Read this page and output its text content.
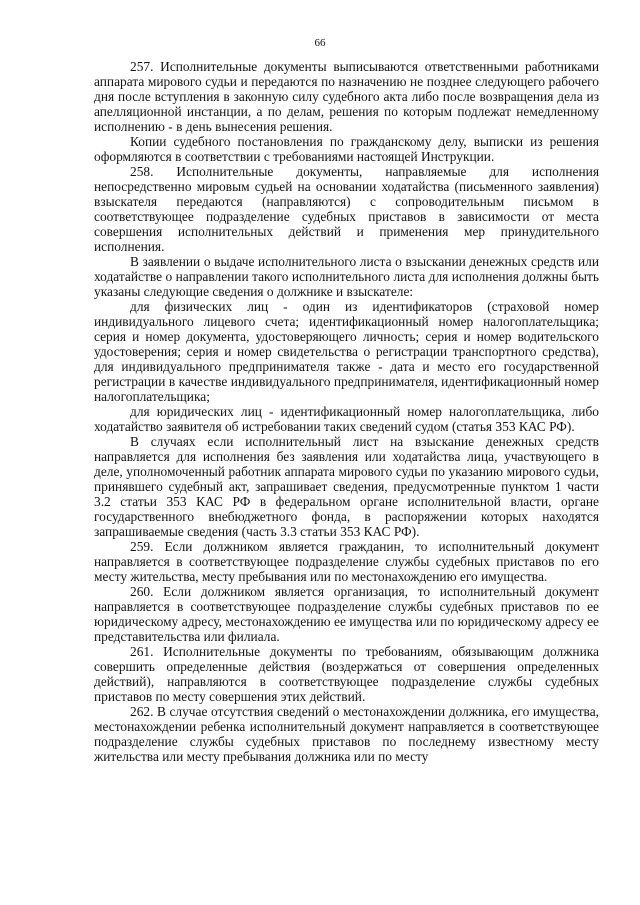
66

257. Исполнительные документы выписываются ответственными работниками аппарата мирового судьи и передаются по назначению не позднее следующего рабочего дня после вступления в законную силу судебного акта либо после возвращения дела из апелляционной инстанции, а по делам, решения по которым подлежат немедленному исполнению - в день вынесения решения.

Копии судебного постановления по гражданскому делу, выписки из решения оформляются в соответствии с требованиями настоящей Инструкции.

258. Исполнительные документы, направляемые для исполнения непосредственно мировым судьей на основании ходатайства (письменного заявления) взыскателя передаются (направляются) с сопроводительным письмом в соответствующее подразделение судебных приставов в зависимости от места совершения исполнительных действий и применения мер принудительного исполнения.

В заявлении о выдаче исполнительного листа о взыскании денежных средств или ходатайстве о направлении такого исполнительного листа для исполнения должны быть указаны следующие сведения о должнике и взыскателе:

для физических лиц - один из идентификаторов (страховой номер индивидуального лицевого счета; идентификационный номер налогоплательщика; серия и номер документа, удостоверяющего личность; серия и номер водительского удостоверения; серия и номер свидетельства о регистрации транспортного средства), для индивидуального предпринимателя также - дата и место его государственной регистрации в качестве индивидуального предпринимателя, идентификационный номер налогоплательщика;

для юридических лиц - идентификационный номер налогоплательщика, либо ходатайство заявителя об истребовании таких сведений судом (статья 353 КАС РФ).

В случаях если исполнительный лист на взыскание денежных средств направляется для исполнения без заявления или ходатайства лица, участвующего в деле, уполномоченный работник аппарата мирового судьи по указанию мирового судьи, принявшего судебный акт, запрашивает сведения, предусмотренные пунктом 1 части 3.2 статьи 353 КАС РФ в федеральном органе исполнительной власти, органе государственного внебюджетного фонда, в распоряжении которых находятся запрашиваемые сведения (часть 3.3 статьи 353 КАС РФ).

259. Если должником является гражданин, то исполнительный документ направляется в соответствующее подразделение службы судебных приставов по его месту жительства, месту пребывания или по местонахождению его имущества.

260. Если должником является организация, то исполнительный документ направляется в соответствующее подразделение службы судебных приставов по ее юридическому адресу, местонахождению ее имущества или по юридическому адресу ее представительства или филиала.

261. Исполнительные документы по требованиям, обязывающим должника совершить определенные действия (воздержаться от совершения определенных действий), направляются в соответствующее подразделение службы судебных приставов по месту совершения этих действий.

262. В случае отсутствия сведений о местонахождении должника, его имущества, местонахождении ребенка исполнительный документ направляется в соответствующее подразделение службы судебных приставов по последнему известному месту жительства или месту пребывания должника или по месту
